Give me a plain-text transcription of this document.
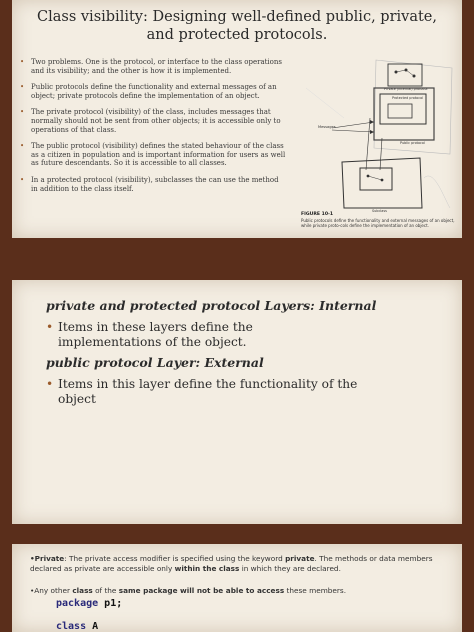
Class visibility: Designing well-defined public, private,
and protected protocols.
• Two problems. One is the protocol, or interface to the class operations and its visibility; and the other is how it is implemented.
• Public protocols define the functionality and external messages of an object; private protocols define the implementation of an object.
• The private protocol (visibility) of the class, includes messages that normally should not be sent from other objects; it is accessible only to operations of that class.
• The public protocol (visibility) defines the stated behaviour of the class as a citizen in population and is important information for users as well as future descendants. So it is accessible to all classes.
• In a protected protocol (visibility), subclasses the can use the method in addition to the class itself.
Private (internal) protocol
Protected protocol
Public protocol
Messages
Subclass
FIGURE 10-1
Public protocols define the functionality and external messages of an object, while private proto-cols define the implementation of an object.
private and protected protocol Layers: Internal
• Items in these layers define the implementations of the object.
public protocol Layer: External
• Items in this layer define the functionality of the object
•Private: The private access modifier is specified using the keyword private. The methods or data members
declared as private are accessible only within the class in which they are declared.
•Any other class of the same package will not be able to access these members.
package p1;
class A
